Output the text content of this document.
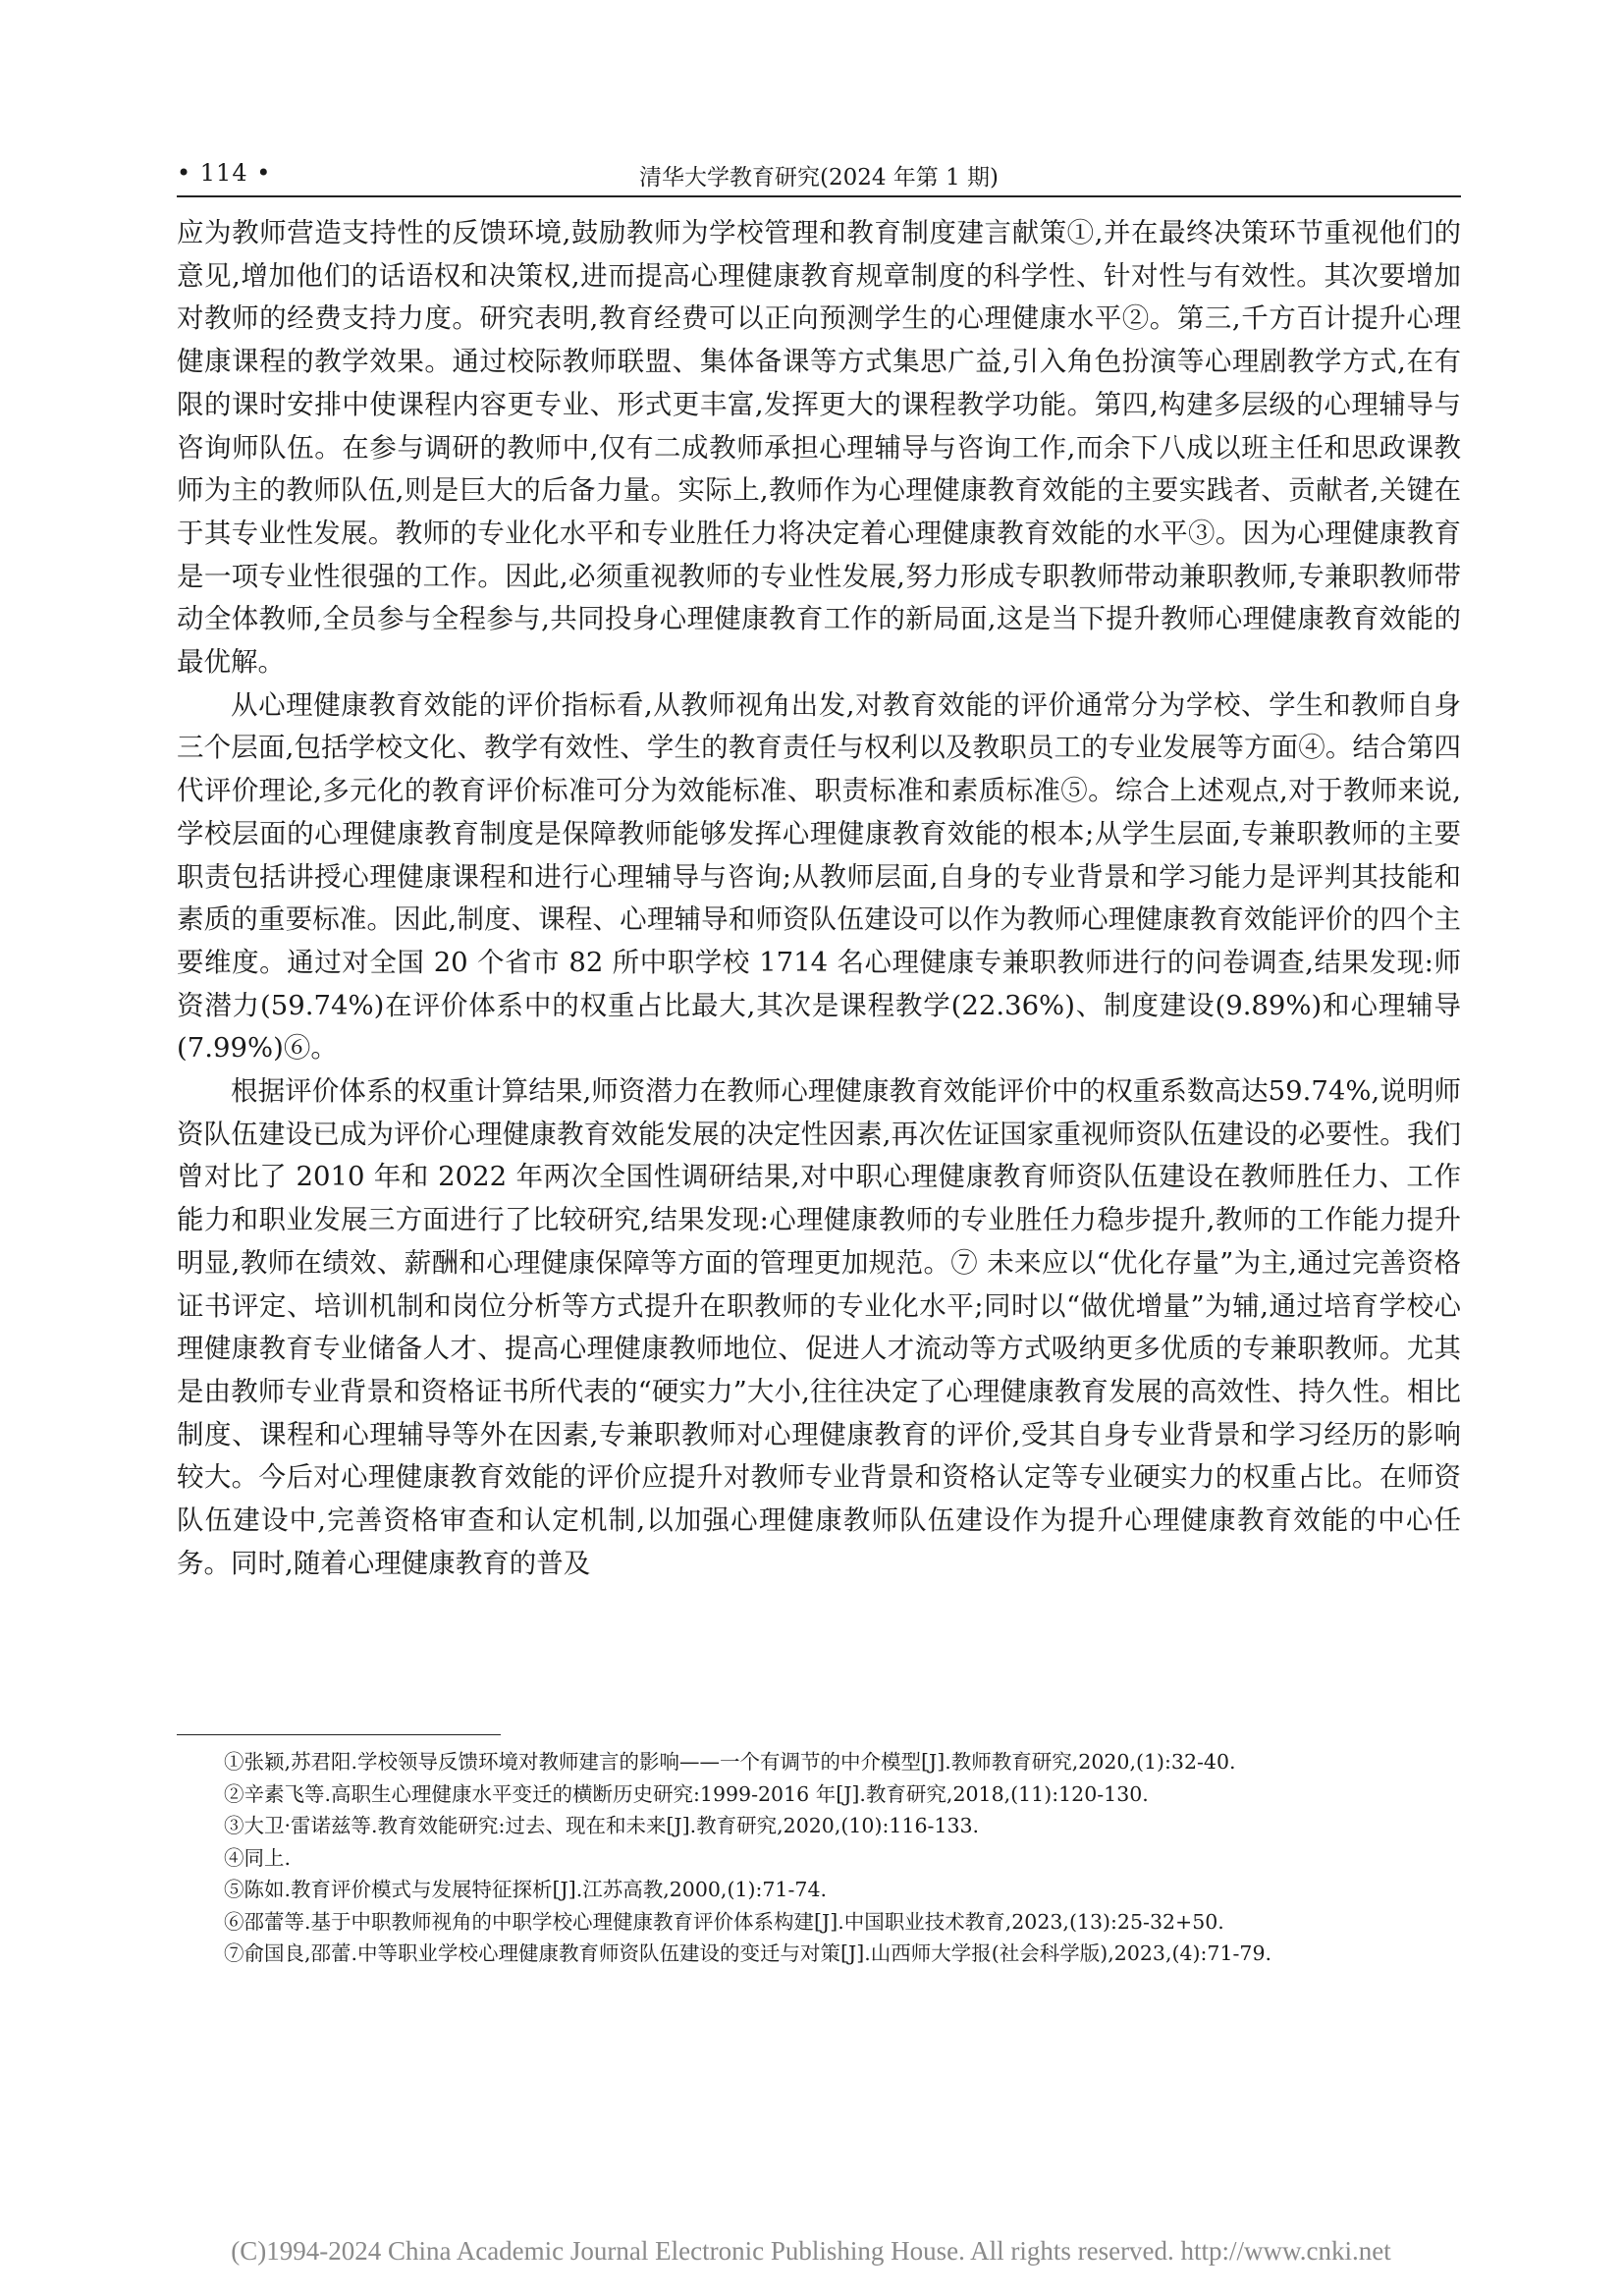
• 114 •	清华大学教育研究(2024 年第 1 期)

应为教师营造支持性的反馈环境,鼓励教师为学校管理和教育制度建言献策①,并在最终决策环节重视他们的意见,增加他们的话语权和决策权,进而提高心理健康教育规章制度的科学性、针对性与有效性。其次要增加对教师的经费支持力度。研究表明,教育经费可以正向预测学生的心理健康水平②。第三,千方百计提升心理健康课程的教学效果。通过校际教师联盟、集体备课等方式集思广益,引入角色扮演等心理剧教学方式,在有限的课时安排中使课程内容更专业、形式更丰富,发挥更大的课程教学功能。第四,构建多层级的心理辅导与咨询师队伍。在参与调研的教师中,仅有二成教师承担心理辅导与咨询工作,而余下八成以班主任和思政课教师为主的教师队伍,则是巨大的后备力量。实际上,教师作为心理健康教育效能的主要实践者、贡献者,关键在于其专业性发展。教师的专业化水平和专业胜任力将决定着心理健康教育效能的水平③。因为心理健康教育是一项专业性很强的工作。因此,必须重视教师的专业性发展,努力形成专职教师带动兼职教师,专兼职教师带动全体教师,全员参与全程参与,共同投身心理健康教育工作的新局面,这是当下提升教师心理健康教育效能的最优解。

从心理健康教育效能的评价指标看,从教师视角出发,对教育效能的评价通常分为学校、学生和教师自身三个层面,包括学校文化、教学有效性、学生的教育责任与权利以及教职员工的专业发展等方面④。结合第四代评价理论,多元化的教育评价标准可分为效能标准、职责标准和素质标准⑤。综合上述观点,对于教师来说,学校层面的心理健康教育制度是保障教师能够发挥心理健康教育效能的根本;从学生层面,专兼职教师的主要职责包括讲授心理健康课程和进行心理辅导与咨询;从教师层面,自身的专业背景和学习能力是评判其技能和素质的重要标准。因此,制度、课程、心理辅导和师资队伍建设可以作为教师心理健康教育效能评价的四个主要维度。通过对全国 20 个省市 82 所中职学校 1714 名心理健康专兼职教师进行的问卷调查,结果发现:师资潜力(59.74%)在评价体系中的权重占比最大,其次是课程教学(22.36%)、制度建设(9.89%)和心理辅导(7.99%)⑥。

根据评价体系的权重计算结果,师资潜力在教师心理健康教育效能评价中的权重系数高达59.74%,说明师资队伍建设已成为评价心理健康教育效能发展的决定性因素,再次佐证国家重视师资队伍建设的必要性。我们曾对比了 2010 年和 2022 年两次全国性调研结果,对中职心理健康教育师资队伍建设在教师胜任力、工作能力和职业发展三方面进行了比较研究,结果发现:心理健康教师的专业胜任力稳步提升,教师的工作能力提升明显,教师在绩效、薪酬和心理健康保障等方面的管理更加规范。⑦ 未来应以“优化存量”为主,通过完善资格证书评定、培训机制和岗位分析等方式提升在职教师的专业化水平;同时以“做优增量”为辅,通过培育学校心理健康教育专业储备人才、提高心理健康教师地位、促进人才流动等方式吸纳更多优质的专兼职教师。尤其是由教师专业背景和资格证书所代表的“硬实力”大小,往往决定了心理健康教育发展的高效性、持久性。相比制度、课程和心理辅导等外在因素,专兼职教师对心理健康教育的评价,受其自身专业背景和学习经历的影响较大。今后对心理健康教育效能的评价应提升对教师专业背景和资格认定等专业硬实力的权重占比。在师资队伍建设中,完善资格审查和认定机制,以加强心理健康教师队伍建设作为提升心理健康教育效能的中心任务。同时,随着心理健康教育的普及

①张颖,苏君阳.学校领导反馈环境对教师建言的影响——一个有调节的中介模型[J].教师教育研究,2020,(1):32-40.

②辛素飞等.高职生心理健康水平变迁的横断历史研究:1999-2016 年[J].教育研究,2018,(11):120-130.

③大卫·雷诺兹等.教育效能研究:过去、现在和未来[J].教育研究,2020,(10):116-133.

④同上.

⑤陈如.教育评价模式与发展特征探析[J].江苏高教,2000,(1):71-74.

⑥邵蕾等.基于中职教师视角的中职学校心理健康教育评价体系构建[J].中国职业技术教育,2023,(13):25-32+50.

⑦俞国良,邵蕾.中等职业学校心理健康教育师资队伍建设的变迁与对策[J].山西师大学报(社会科学版),2023,(4):71-79.

(C)1994-2024 China Academic Journal Electronic Publishing House. All rights reserved. http://www.cnki.net
